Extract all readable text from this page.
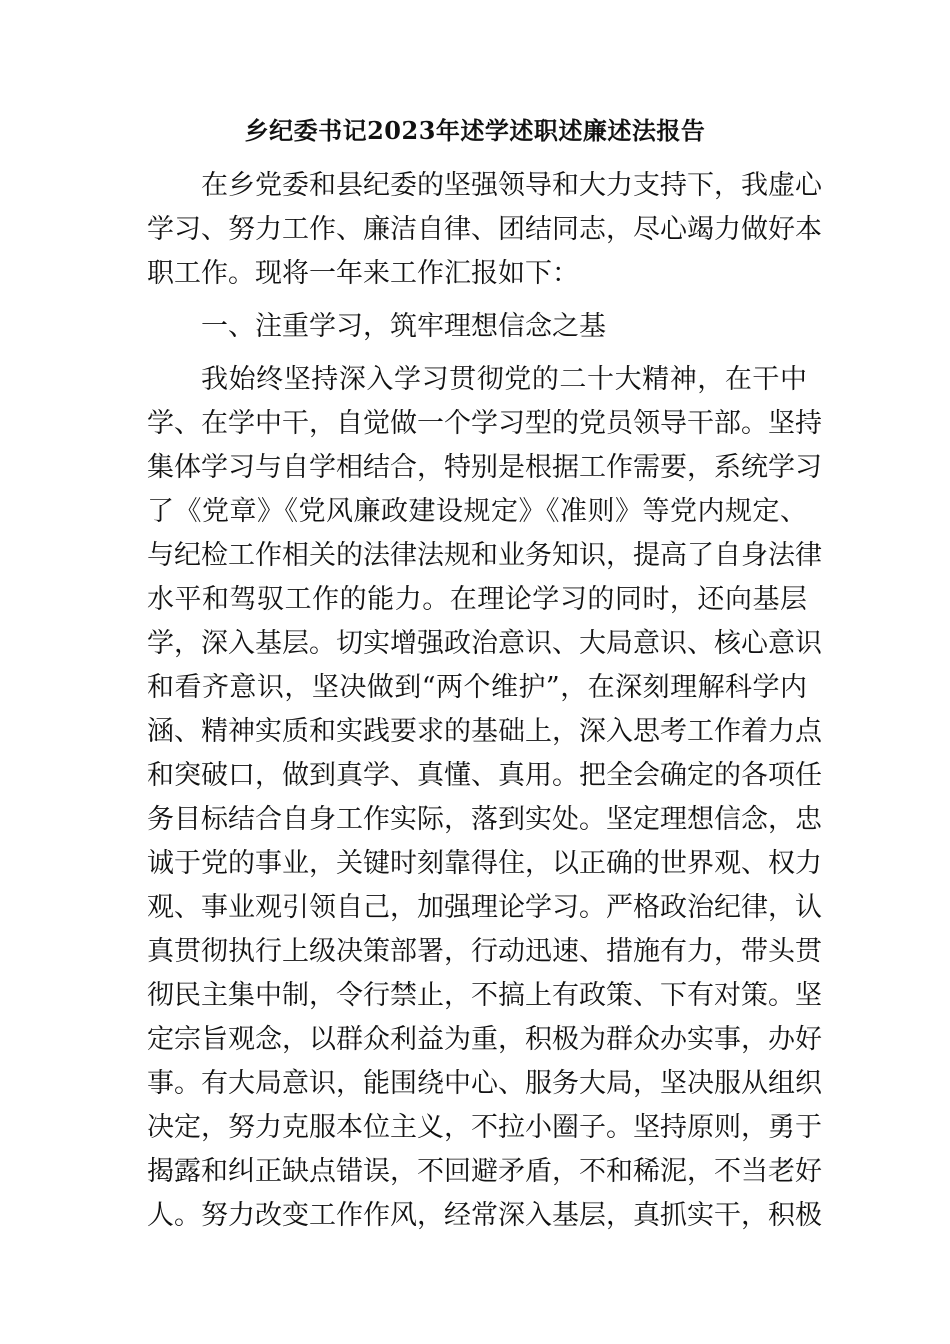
乡纪委书记2023年述学述职述廉述法报告

在乡党委和县纪委的坚强领导和大力支持下，我虚心

学习、努力工作、廉洁自律、团结同志，尽心竭力做好本

职工作。现将一年来工作汇报如下：

一、注重学习，筑牢理想信念之基

我始终坚持深入学习贯彻党的二十大精神，在干中

学、在学中干，自觉做一个学习型的党员领导干部。坚持

集体学习与自学相结合，特别是根据工作需要，系统学习

了《党章》《党风廉政建设规定》《准则》等党内规定、

与纪检工作相关的法律法规和业务知识，提高了自身法律

水平和驾驭工作的能力。在理论学习的同时，还向基层

学，深入基层。切实增强政治意识、大局意识、核心意识

和看齐意识，坚决做到“两个维护”，在深刻理解科学内

涵、精神实质和实践要求的基础上，深入思考工作着力点

和突破口，做到真学、真懂、真用。把全会确定的各项任

务目标结合自身工作实际，落到实处。坚定理想信念，忠

诚于党的事业，关键时刻靠得住，以正确的世界观、权力

观、事业观引领自己，加强理论学习。严格政治纪律，认

真贯彻执行上级决策部署，行动迅速、措施有力，带头贯

彻民主集中制，令行禁止，不搞上有政策、下有对策。坚

定宗旨观念，以群众利益为重，积极为群众办实事，办好

事。有大局意识，能围绕中心、服务大局，坚决服从组织

决定，努力克服本位主义，不拉小圈子。坚持原则，勇于

揭露和纠正缺点错误，不回避矛盾，不和稀泥，不当老好

人。努力改变工作作风，经常深入基层，真抓实干，积极
